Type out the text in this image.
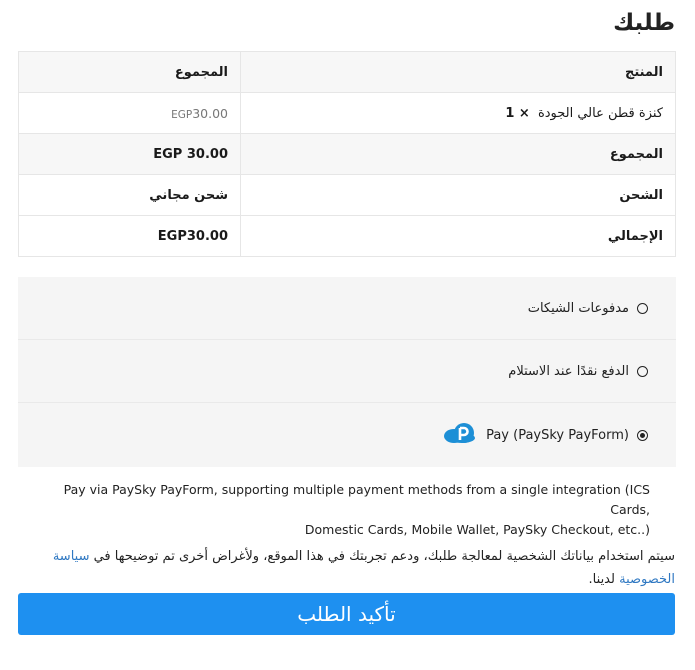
طلبك
المنتج	المجموع
كنزة قطن عالي الجودة × 1	EGP30.00
المجموع	EGP 30.00
الشحن	شحن مجاني
الإجمالي	EGP30.00
مدفوعات الشيكات
الدفع نقدًا عند الاستلام
Pay (PaySky PayForm)
Pay via PaySky PayForm, supporting multiple payment methods from a single integration (ICS Cards,
Domestic Cards, Mobile Wallet, PaySky Checkout, etc..)
سيتم استخدام بياناتك الشخصية لمعالجة طلبك، ودعم تجربتك في هذا الموقع، ولأغراض أخرى تم توضيحها في سياسة الخصوصية لدينا.
تأكيد الطلب
